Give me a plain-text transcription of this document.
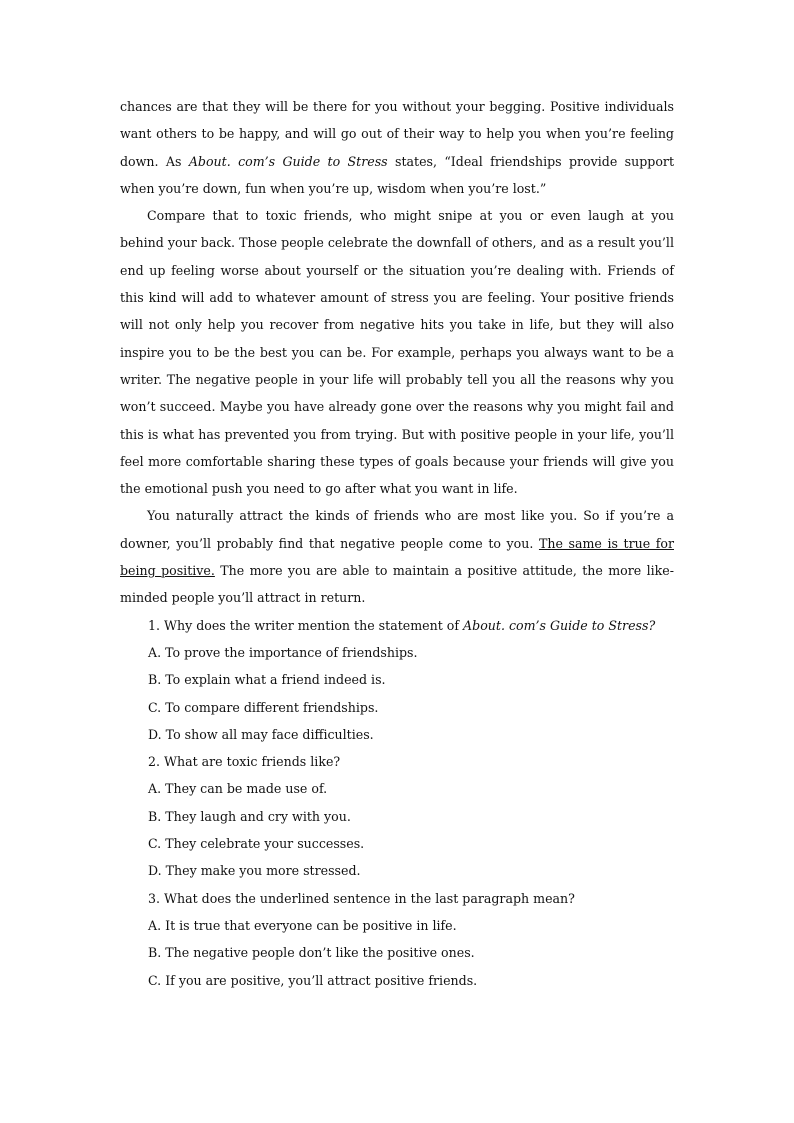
chances are that they will be there for you without your begging. Positive individuals want others to be happy, and will go out of their way to help you when you’re feeling down. As About. com’s Guide to Stress states, “Ideal friendships provide support when you’re down, fun when you’re up, wisdom when you’re lost.”

Compare that to toxic friends, who might snipe at you or even laugh at you behind your back. Those people celebrate the downfall of others, and as a result you’ll end up feeling worse about yourself or the situation you’re dealing with. Friends of this kind will add to whatever amount of stress you are feeling. Your positive friends will not only help you recover from negative hits you take in life, but they will also inspire you to be the best you can be. For example, perhaps you always want to be a writer. The negative people in your life will probably tell you all the reasons why you won’t succeed. Maybe you have already gone over the reasons why you might fail and this is what has prevented you from trying. But with positive people in your life, you’ll feel more comfortable sharing these types of goals because your friends will give you the emotional push you need to go after what you want in life.

You naturally attract the kinds of friends who are most like you. So if you’re a downer, you’ll probably find that negative people come to you. The same is true for being positive. The more you are able to maintain a positive attitude, the more like-minded people you’ll attract in return.

1. Why does the writer mention the statement of About. com’s Guide to Stress?

A. To prove the importance of friendships.

B. To explain what a friend indeed is.

C. To compare different friendships.

D. To show all may face difficulties.

2. What are toxic friends like?

A. They can be made use of.

B. They laugh and cry with you.

C. They celebrate your successes.

D. They make you more stressed.

3. What does the underlined sentence in the last paragraph mean?

A. It is true that everyone can be positive in life.

B. The negative people don’t like the positive ones.

C. If you are positive, you’ll attract positive friends.
